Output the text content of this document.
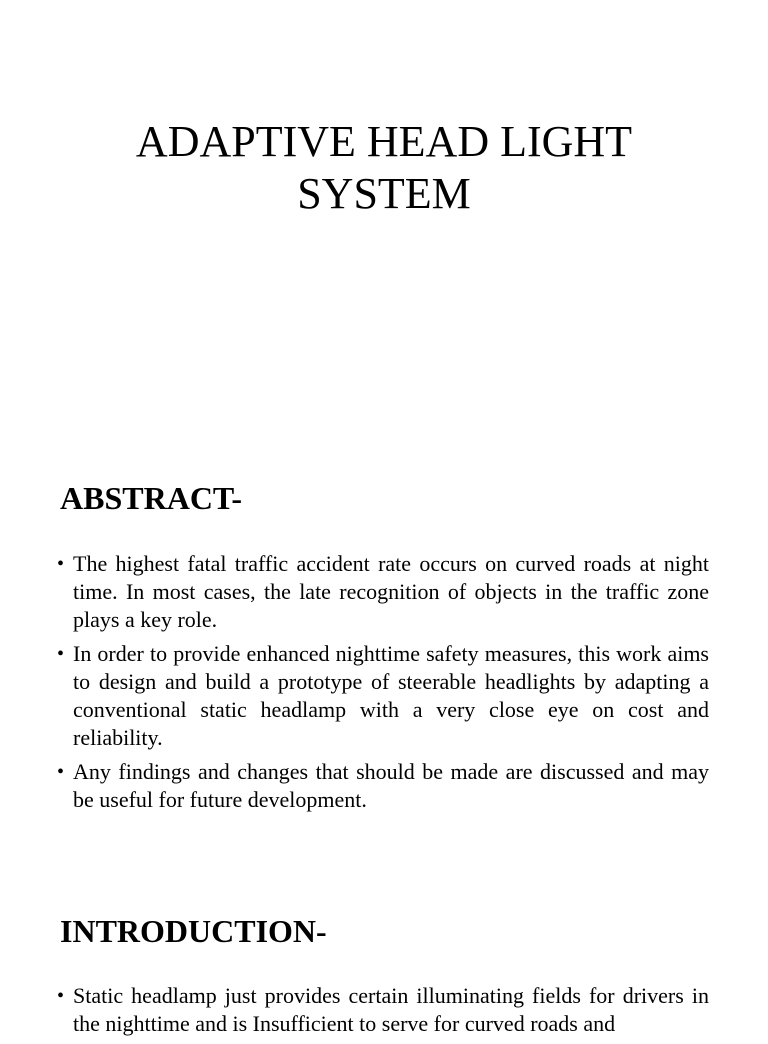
ADAPTIVE HEAD LIGHT SYSTEM
ABSTRACT-
• The highest fatal traffic accident rate occurs on curved roads at night time. In most cases, the late recognition of objects in the traffic zone plays a key role.
• In order to provide enhanced nighttime safety measures, this work aims to design and build a prototype of steerable headlights by adapting a conventional static headlamp with a very close eye on cost and reliability.
• Any findings and changes that should be made are discussed and may be useful for future development.
INTRODUCTION-
• Static headlamp just provides certain illuminating fields for drivers in the nighttime and is Insufficient to serve for curved roads and
